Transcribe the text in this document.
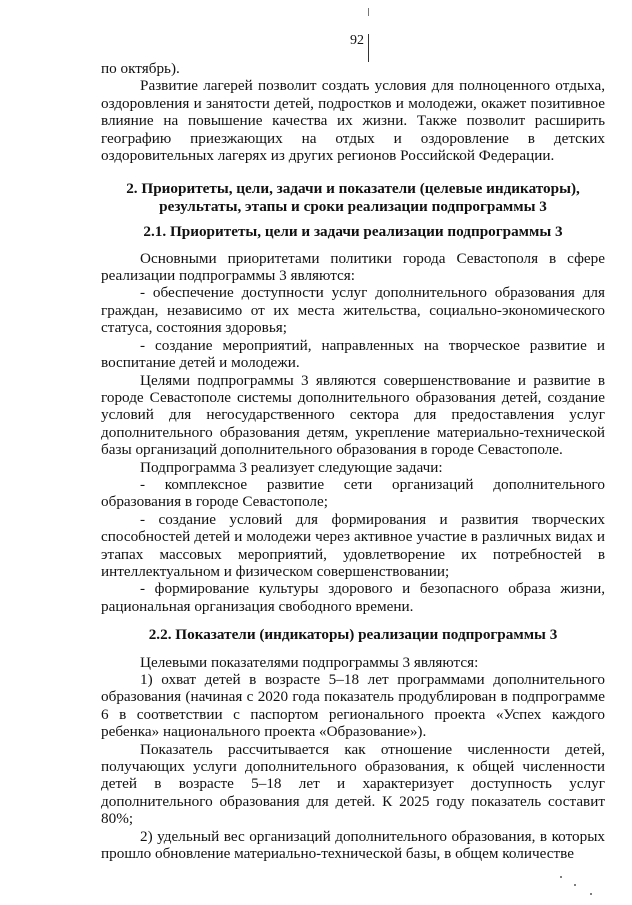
92

по октябрь).

Развитие лагерей позволит создать условия для полноценного отдыха, оздоровления и занятости детей, подростков и молодежи, окажет позитивное влияние на повышение качества их жизни. Также позволит расширить географию приезжающих на отдых и оздоровление в детских оздоровительных лагерях из других регионов Российской Федерации.

2. Приоритеты, цели, задачи и показатели (целевые индикаторы), результаты, этапы и сроки реализации подпрограммы 3

2.1. Приоритеты, цели и задачи реализации подпрограммы 3

Основными приоритетами политики города Севастополя в сфере реализации подпрограммы 3 являются:

- обеспечение доступности услуг дополнительного образования для граждан, независимо от их места жительства, социально-экономического статуса, состояния здоровья;

- создание мероприятий, направленных на творческое развитие и воспитание детей и молодежи.

Целями подпрограммы 3 являются совершенствование и развитие в городе Севастополе системы дополнительного образования детей, создание условий для негосударственного сектора для предоставления услуг дополнительного образования детям, укрепление материально-технической базы организаций дополнительного образования в городе Севастополе.

Подпрограмма 3 реализует следующие задачи:

- комплексное развитие сети организаций дополнительного образования в городе Севастополе;

- создание условий для формирования и развития творческих способностей детей и молодежи через активное участие в различных видах и этапах массовых мероприятий, удовлетворение их потребностей в интеллектуальном и физическом совершенствовании;

- формирование культуры здорового и безопасного образа жизни, рациональная организация свободного времени.

2.2. Показатели (индикаторы) реализации подпрограммы 3

Целевыми показателями подпрограммы 3 являются:

1) охват детей в возрасте 5–18 лет программами дополнительного образования (начиная с 2020 года показатель продублирован в подпрограмме 6 в соответствии с паспортом регионального проекта «Успех каждого ребенка» национального проекта «Образование»).

Показатель рассчитывается как отношение численности детей, получающих услуги дополнительного образования, к общей численности детей в возрасте 5–18 лет и характеризует доступность услуг дополнительного образования для детей. К 2025 году показатель составит 80%;

2) удельный вес организаций дополнительного образования, в которых прошло обновление материально-технической базы, в общем количестве
